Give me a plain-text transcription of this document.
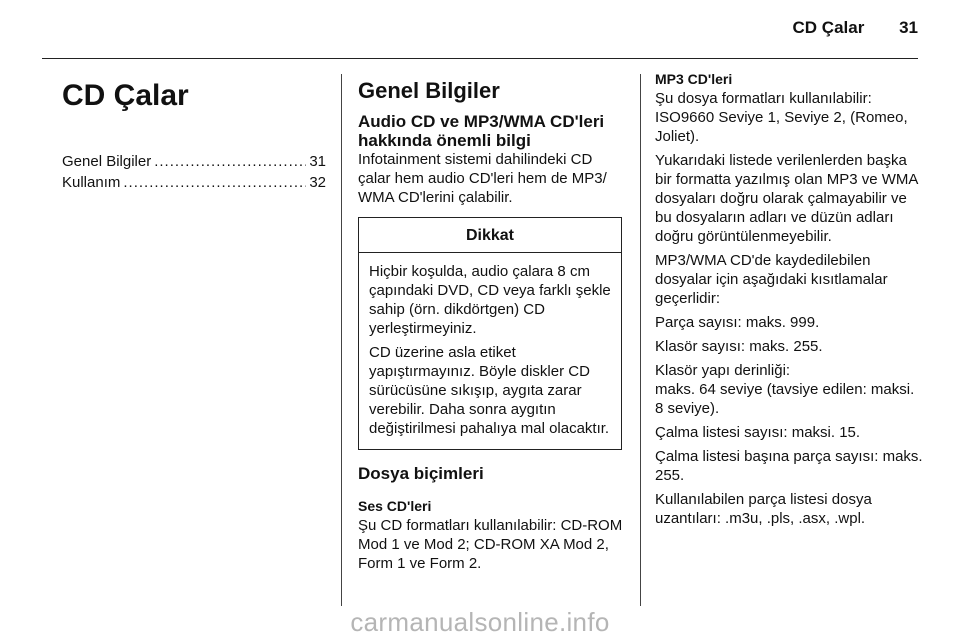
CD Çalar 31
CD Çalar
Genel Bilgiler .....	31
Kullanım .....	32
Genel Bilgiler
Audio CD ve MP3/WMA CD'leri hakkında önemli bilgi
Infotainment sistemi dahilindeki CD çalar hem audio CD'leri hem de MP3/ WMA CD'lerini çalabilir.
Dikkat
Hiçbir koşulda, audio çalara 8 cm çapındaki DVD, CD veya farklı şekle sahip (örn. dikdörtgen) CD yerleştirmeyiniz.
CD üzerine asla etiket yapıştırmayınız. Böyle diskler CD sürücüsüne sıkışıp, aygıta zarar verebilir. Daha sonra aygıtın değiştirilmesi pahalıya mal olacaktır.
Dosya biçimleri
Ses CD'leri
Şu CD formatları kullanılabilir: CD-ROM Mod 1 ve Mod 2; CD-ROM XA Mod 2, Form 1 ve Form 2.
MP3 CD'leri
Şu dosya formatları kullanılabilir: ISO9660 Seviye 1, Seviye 2, (Romeo, Joliet).
Yukarıdaki listede verilenlerden başka bir formatta yazılmış olan MP3 ve WMA dosyaları doğru olarak çalmayabilir ve bu dosyaların adları ve düzün adları doğru görüntülenmeyebilir.
MP3/WMA CD'de kaydedilebilen dosyalar için aşağıdaki kısıtlamalar geçerlidir:
Parça sayısı: maks. 999.
Klasör sayısı: maks. 255.
Klasör yapı derinliği:
maks. 64 seviye (tavsiye edilen: maksi. 8 seviye).
Çalma listesi sayısı: maksi. 15.
Çalma listesi başına parça sayısı: maks. 255.
Kullanılabilen parça listesi dosya uzantıları: .m3u, .pls, .asx, .wpl.
carmanualsonline.info
